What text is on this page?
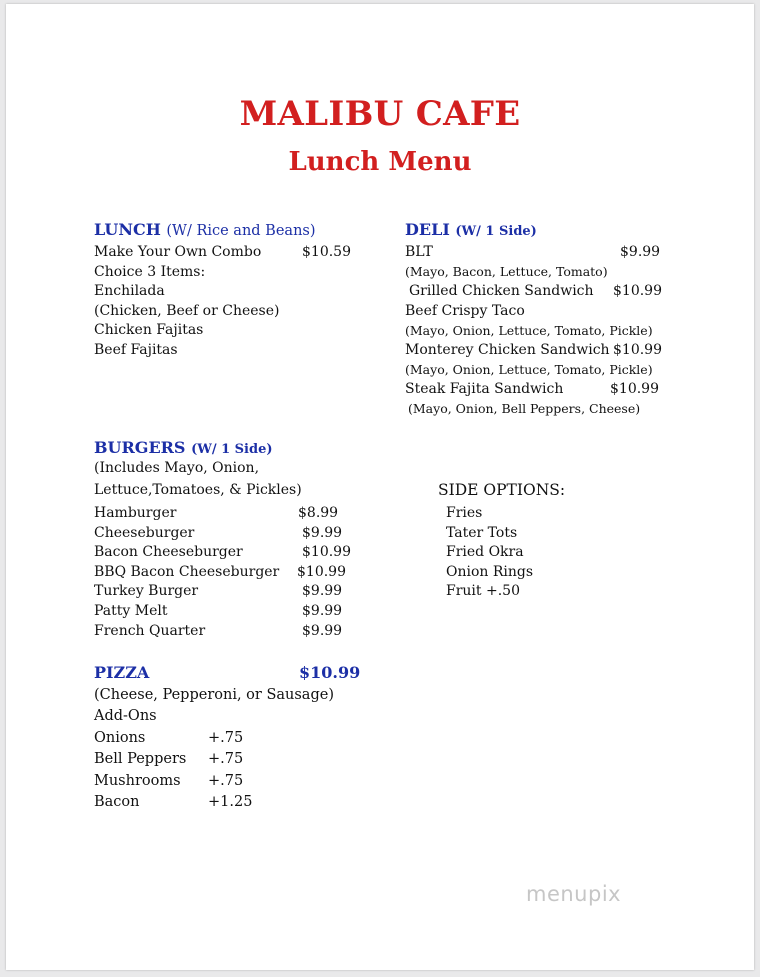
MALIBU CAFE
Lunch Menu
LUNCH (W/ Rice and Beans)
Make Your Own Combo	$10.59
Choice 3 Items:
Enchilada
(Chicken, Beef or Cheese)
Chicken Fajitas
Beef Fajitas
DELI (W/ 1 Side)
BLT	$9.99
(Mayo, Bacon, Lettuce, Tomato)
Grilled Chicken Sandwich $10.99
Beef Crispy Taco
(Mayo, Onion, Lettuce, Tomato, Pickle)
Monterey Chicken Sandwich $10.99
(Mayo, Onion, Lettuce, Tomato, Pickle)
Steak Fajita Sandwich	$10.99
(Mayo, Onion, Bell Peppers, Cheese)
BURGERS (W/ 1 Side)
(Includes Mayo, Onion,
Lettuce,Tomatoes, & Pickles)
Hamburger	$8.99
Cheeseburger	$9.99
Bacon Cheeseburger	$10.99
BBQ Bacon Cheeseburger $10.99
Turkey Burger	$9.99
Patty Melt	$9.99
French Quarter	$9.99
SIDE OPTIONS:
Fries
Tater Tots
Fried Okra
Onion Rings
Fruit +.50
PIZZA	$10.99
(Cheese, Pepperoni, or Sausage)
Add-Ons
Onions	+.75
Bell Peppers +.75
Mushrooms +.75
Bacon	+1.25
menupix
